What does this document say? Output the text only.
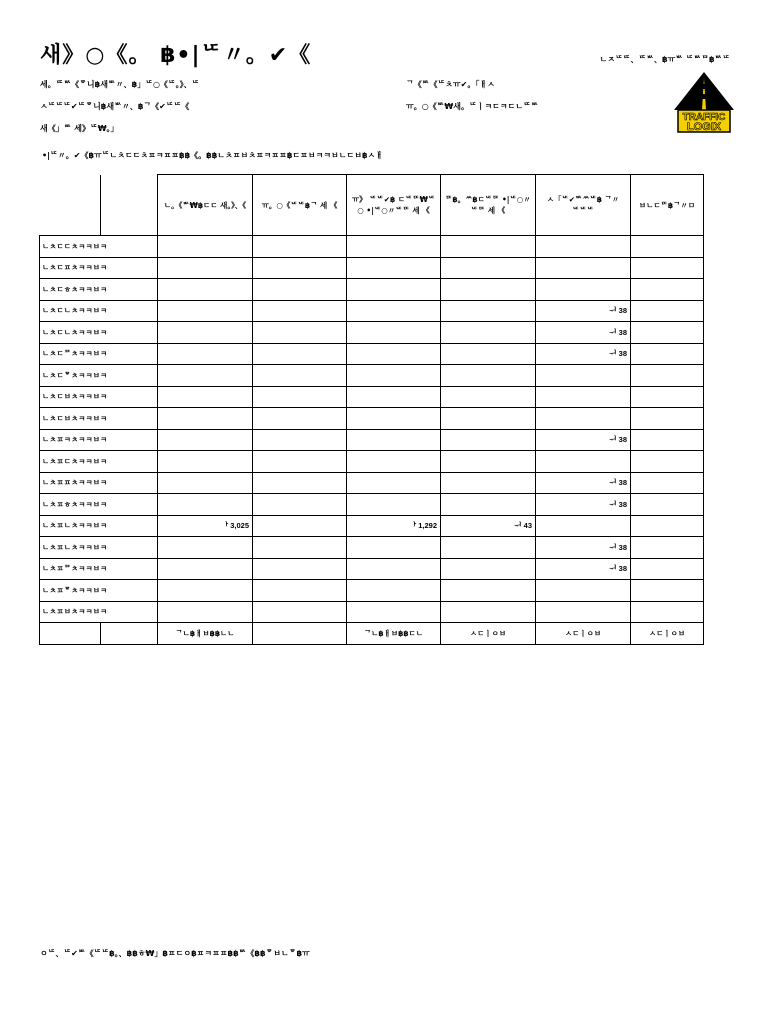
새》○《。 ฿•|ᄕ〃。✔《	ㄴㅈᄕᄄ、ᄄᄡ、฿ㅠᄡ ᄕᄡᄆ฿ᄡᄕ
세。ᄄᄡ《ᄝ니฿새ᄡ〃、฿」ᄕ○《ᄕ。》、ᄕ
ㅅᄕᄕᄕ✔ᄕᄝ니฿새ᄡ〃、฿ᄀ《✔ᄕᄕ《
새《」ᄡ 세》ᄕ₩。」
ᄀ《ᄡ《ᄕㅊㅠ✔。「ㅐㅅ
ㅠ。○《ᄡ₩새。ᄕㅣㅋㄷㅋㄷㄴᄄᄡ
TRAFFIC
LOGIX
•|ᄕ〃。✔《฿ㅠᄕㄴㅊㄷㄷㅊㅍㅋㅍㅍ฿฿《。฿฿ㄴㅊㅍㅂㅊㅍㅋㅍㅍ฿ㄷㅍㅂㅋㅋㅂㄴㄷㅂ฿ㅅㅐ
		ㄴ。《ᄡ₩฿ㄷㄷ 새。》、《	ㅠ。○《ᄕᄕ฿ᄀ 세 《	ㅠ》 ᄕᄕ✔฿ ㄷᄕᄄ₩ᄕ○ •|ᄕ○〃ᄕᄄ 세 《	ᄄ฿。ᄊ฿ㄷᄕᄄ •|ᄕ○〃ᄕᄄ 세 《	ㅅ「ᄕ✔ᄡᄊᄕ฿ ᄀ〃ᄕᄕᄕ	ㅂㄴㄷᄄ฿ᄀ〃ㅁ
ㄴㅊㄷㄷㅊㅋㅋㅂㅋ							
ㄴㅊㄷㅍㅊㅋㅋㅂㅋ							
ㄴㅊㄷㅎㅊㅋㅋㅂㅋ							
ㄴㅊㄷㄴㅊㅋㅋㅂㅋ						ᅱ 38	
ㄴㅊㄷㄴㅊㅋㅋㅂㅋ						ᅱ 38	
ㄴㅊㄷᄆㅊㅋㅋㅂㅋ						ᅱ 38	
ㄴㅊㄷᄝㅊㅋㅋㅂㅋ							
ㄴㅊㄷㅂㅊㅋㅋㅂㅋ							
ㄴㅊㄷㅂㅊㅋㅋㅂㅋ							
ㄴㅊㅍㅋㅊㅋㅋㅂㅋ						ᅱ 38	
ㄴㅊㅍㄷㅊㅋㅋㅂㅋ							
ㄴㅊㅍㅍㅊㅋㅋㅂㅋ						ᅱ 38	
ㄴㅊㅍㅎㅊㅋㅋㅂㅋ						ᅱ 38	
ㄴㅊㅍㄴㅊㅋㅋㅂㅋ		ᅡ 3,025		ᅡ 1,292	ᅱ 43		
ㄴㅊㅍㄴㅊㅋㅋㅂㅋ						ᅱ 38	
ㄴㅊㅍᄆㅊㅋㅋㅂㅋ						ᅱ 38	
ㄴㅊㅍᄝㅊㅋㅋㅂㅋ							
ㄴㅊㅍㅂㅊㅋㅋㅂㅋ							
		ᄀㄴ฿ㅐㅂ฿฿ㄴㄴ		ᄀㄴ฿ㅐㅂ฿฿ㄷㄴ	ㅅㄷㅣㅇㅂ	ㅅㄷㅣㅇㅂ	ㅅㄷㅣㅇㅂ
ㅇᄕ、ᄕ✔ᄡ《ᄕᄕ฿。、฿฿ㅎ₩」฿ㅍㄷㅇ฿ㅍㅋㅍㅍ฿฿ᄡ《฿฿ᄝㅂㄴᄝ฿ㅠ
